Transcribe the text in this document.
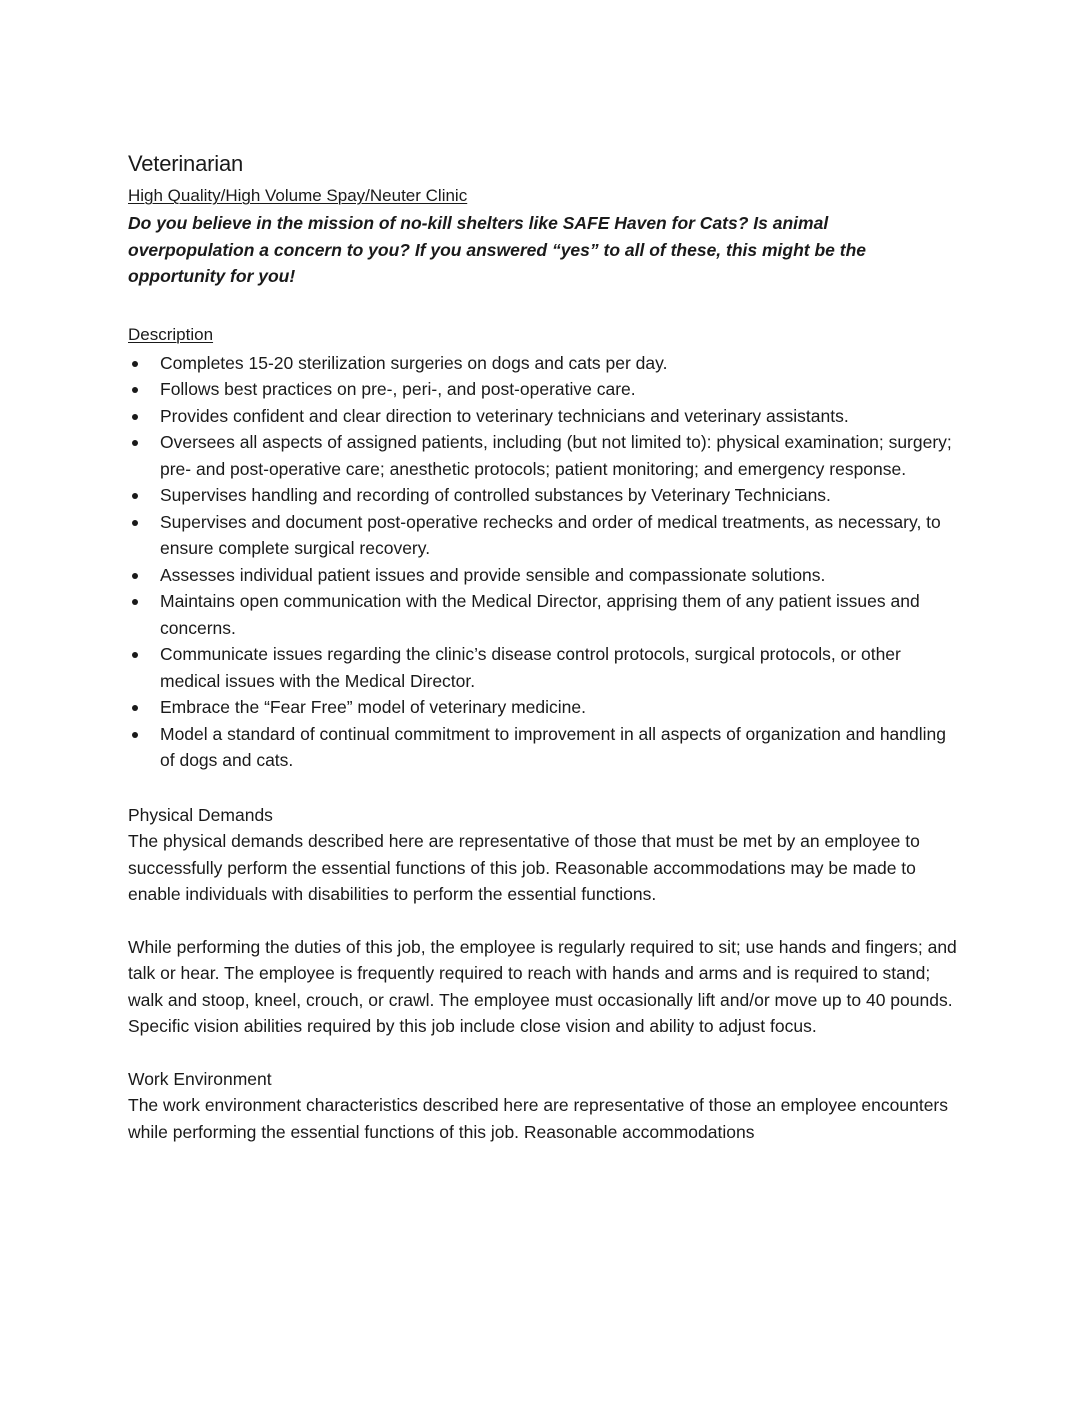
Veterinarian
High Quality/High Volume Spay/Neuter Clinic

Do you believe in the mission of no-kill shelters like SAFE Haven for Cats? Is animal overpopulation a concern to you? If you answered “yes” to all of these, this might be the opportunity for you!

Description
Completes 15-20 sterilization surgeries on dogs and cats per day.
Follows best practices on pre-, peri-, and post-operative care.
Provides confident and clear direction to veterinary technicians and veterinary assistants.
Oversees all aspects of assigned patients, including (but not limited to): physical examination; surgery; pre- and post-operative care; anesthetic protocols; patient monitoring; and emergency response.
Supervises handling and recording of controlled substances by Veterinary Technicians.
Supervises and document post-operative rechecks and order of medical treatments, as necessary, to ensure complete surgical recovery.
Assesses individual patient issues and provide sensible and compassionate solutions.
Maintains open communication with the Medical Director, apprising them of any patient issues and concerns.
Communicate issues regarding the clinic’s disease control protocols, surgical protocols, or other medical issues with the Medical Director.
Embrace the “Fear Free” model of veterinary medicine.
Model a standard of continual commitment to improvement in all aspects of organization and handling of dogs and cats.

Physical Demands

The physical demands described here are representative of those that must be met by an employee to successfully perform the essential functions of this job. Reasonable accommodations may be made to enable individuals with disabilities to perform the essential functions.

While performing the duties of this job, the employee is regularly required to sit; use hands and fingers; and talk or hear. The employee is frequently required to reach with hands and arms and is required to stand; walk and stoop, kneel, crouch, or crawl. The employee must occasionally lift and/or move up to 40 pounds. Specific vision abilities required by this job include close vision and ability to adjust focus.

Work Environment

The work environment characteristics described here are representative of those an employee encounters while performing the essential functions of this job. Reasonable accommodations
